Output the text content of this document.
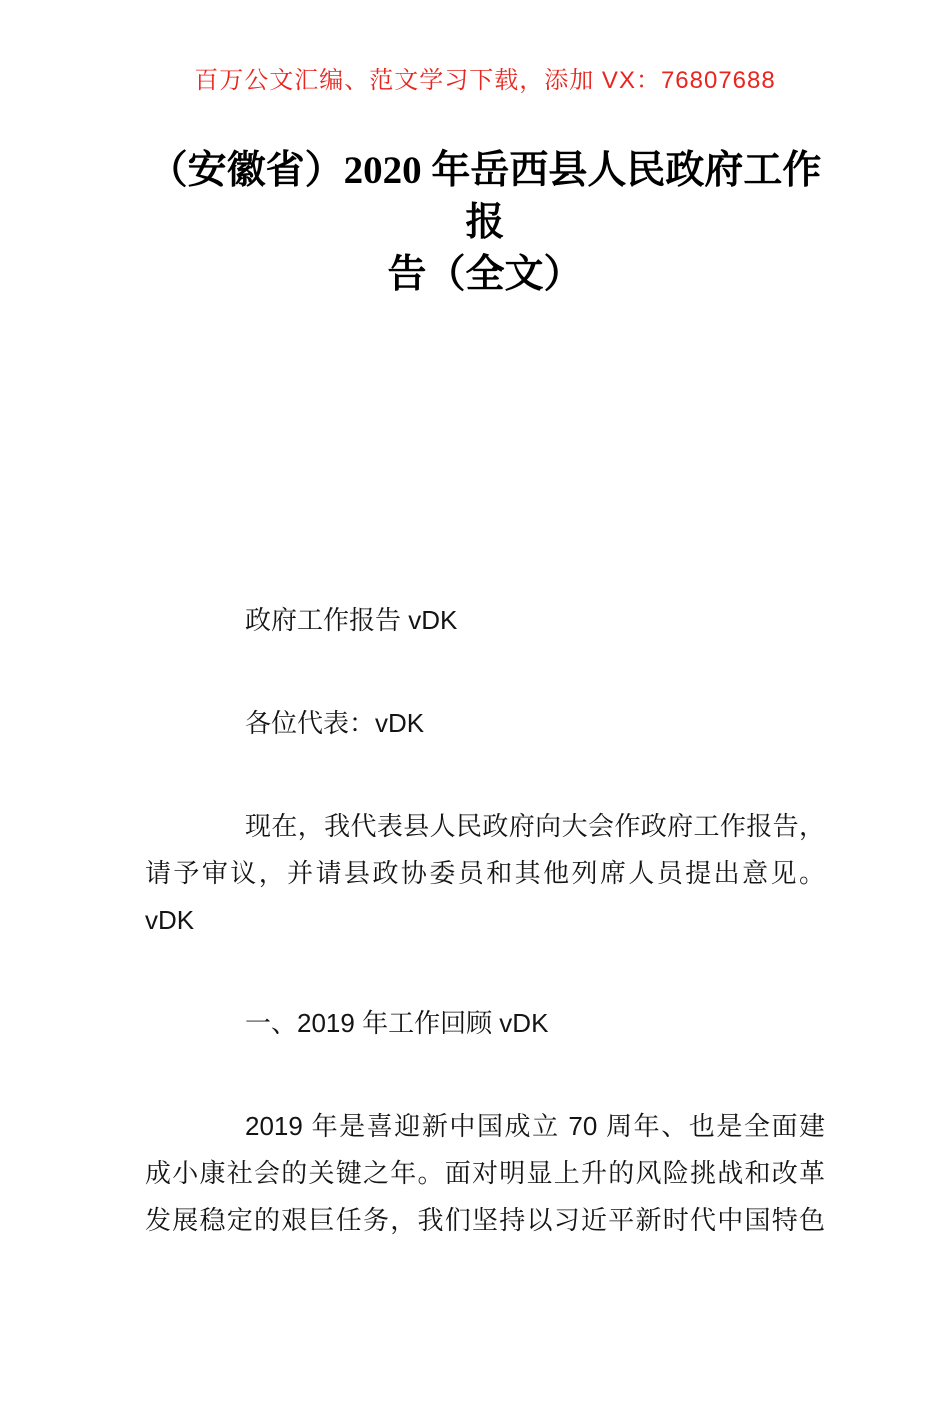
百万公文汇编、范文学习下载，添加 VX：76807688
（安徽省）2020 年岳西县人民政府工作报
告（全文）
政府工作报告 vDK
各位代表：vDK
现在，我代表县人民政府向大会作政府工作报告，
请予审议，并请县政协委员和其他列席人员提出意见。
vDK
一、2019 年工作回顾 vDK
2019 年是喜迎新中国成立 70 周年、也是全面建
成小康社会的关键之年。面对明显上升的风险挑战和改革
发展稳定的艰巨任务，我们坚持以习近平新时代中国特色
